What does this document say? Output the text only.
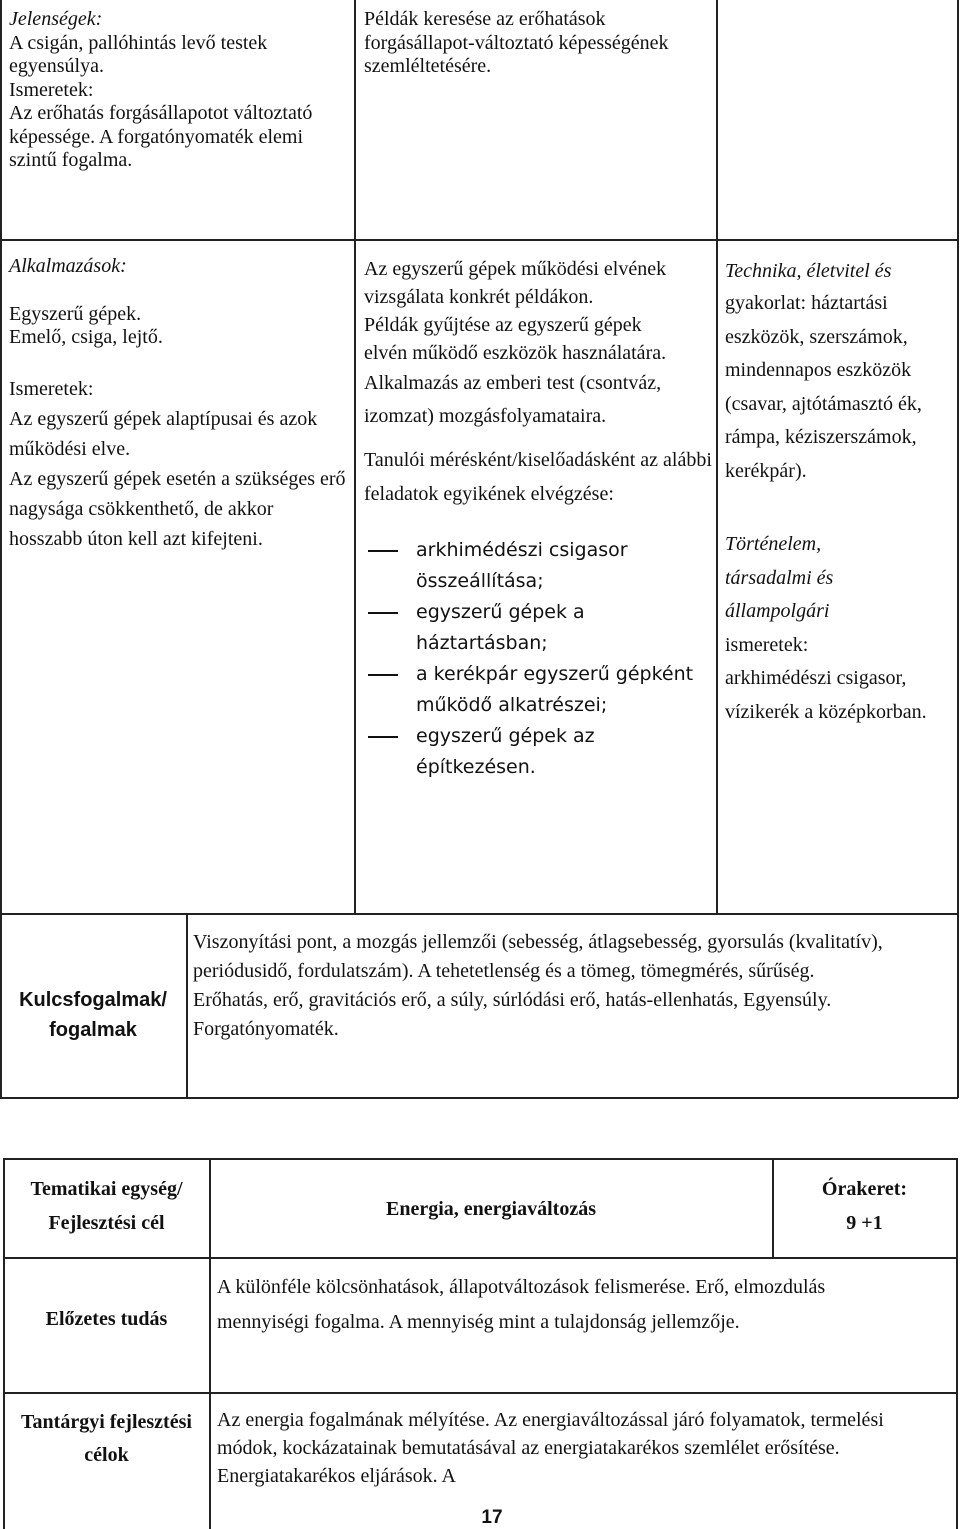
Jelenségek:

A csigán, pallóhintás levő testek egyensúlya.

Ismeretek:

Az erőhatás forgásállapotot változtató képessége. A forgatónyomaték elemi szintű fogalma.

Példák keresése az erőhatások forgásállapot-változtató képességének szemléltetésére.

Alkalmazások:

Egyszerű gépek.

Emelő, csiga, lejtő.

Ismeretek:

Az egyszerű gépek alaptípusai és azok működési elve.

Az egyszerű gépek esetén a szükséges erő nagysága csökkenthető, de akkor hosszabb úton kell azt kifejteni.

Az egyszerű gépek működési elvének vizsgálata konkrét példákon.

Példák gyűjtése az egyszerű gépek elvén működő eszközök használatára.

Alkalmazás az emberi test (csontváz, izomzat) mozgásfolyamataira.

Tanulói mérésként/kiselőadásként az alábbi feladatok egyikének elvégzése:

arkhimédészi csigasor összeállítása;
egyszerű gépek a háztartásban;
a kerékpár egyszerű gépként működő alkatrészei;
egyszerű gépek az építkezésen.

Technika, életvitel és

gyakorlat: háztartási eszközök, szerszámok, mindennapos eszközök (csavar, ajtótámasztó ék, rámpa, kéziszerszámok, kerékpár).

Történelem, társadalmi és állampolgári

ismeretek:

arkhimédészi csigasor, vízikerék a középkorban.

Kulcsfogalmak/ fogalmak

Viszonyítási pont, a mozgás jellemzői (sebesség, átlagsebesség, gyorsulás (kvalitatív), periódusidő, fordulatszám). A tehetetlenség és a tömeg, tömegmérés, sűrűség.

Erőhatás, erő, gravitációs erő, a súly, súrlódási erő, hatás-ellenhatás, Egyensúly. Forgatónyomaték.

Tematikai egység/ Fejlesztési cél

Energia, energiaváltozás

Órakeret:

9 +1

Előzetes tudás

A különféle kölcsönhatások, állapotváltozások felismerése. Erő, elmozdulás mennyiségi fogalma. A mennyiség mint a tulajdonság jellemzője.

Tantárgyi fejlesztési célok

Az energia fogalmának mélyítése. Az energiaváltozással járó folyamatok, termelési módok, kockázatainak bemutatásával az energiatakarékos szemlélet erősítése. Energiatakarékos eljárások. A

17
